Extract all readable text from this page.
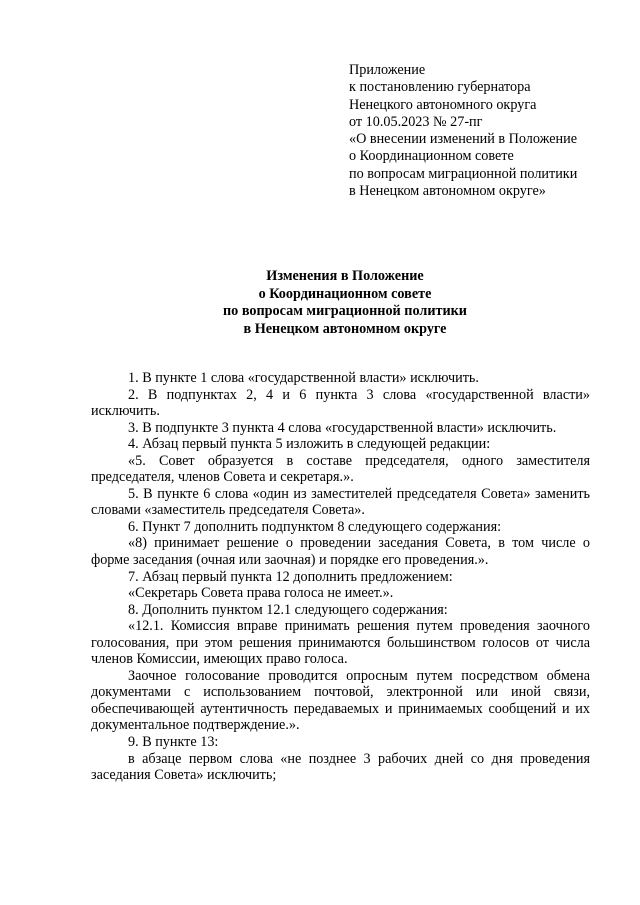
Приложение
к постановлению губернатора
Ненецкого автономного округа
от 10.05.2023 № 27-пг
«О внесении изменений в Положение
о Координационном совете
по вопросам миграционной политики
в Ненецком автономном округе»
Изменения в Положение
о Координационном совете
по вопросам миграционной политики
в Ненецком автономном округе

1. В пункте 1 слова «государственной власти» исключить.

2. В подпунктах 2, 4 и 6 пункта 3 слова «государственной власти» исключить.

3. В подпункте 3 пункта 4 слова «государственной власти» исключить.

4. Абзац первый пункта 5 изложить в следующей редакции:

«5. Совет образуется в составе председателя, одного заместителя председателя, членов Совета и секретаря.».

5. В пункте 6 слова «один из заместителей председателя Совета» заменить словами «заместитель председателя Совета».

6. Пункт 7 дополнить подпунктом 8 следующего содержания:

«8) принимает решение о проведении заседания Совета, в том числе о форме заседания (очная или заочная) и порядке его проведения.».

7. Абзац первый пункта 12 дополнить предложением:

«Секретарь Совета права голоса не имеет.».

8. Дополнить пунктом 12.1 следующего содержания:

«12.1. Комиссия вправе принимать решения путем проведения заочного голосования, при этом решения принимаются большинством голосов от числа членов Комиссии, имеющих право голоса.

Заочное голосование проводится опросным путем посредством обмена документами с использованием почтовой, электронной или иной связи, обеспечивающей аутентичность передаваемых и принимаемых сообщений и их документальное подтверждение.».

9. В пункте 13:

в абзаце первом слова «не позднее 3 рабочих дней со дня проведения заседания Совета» исключить;
